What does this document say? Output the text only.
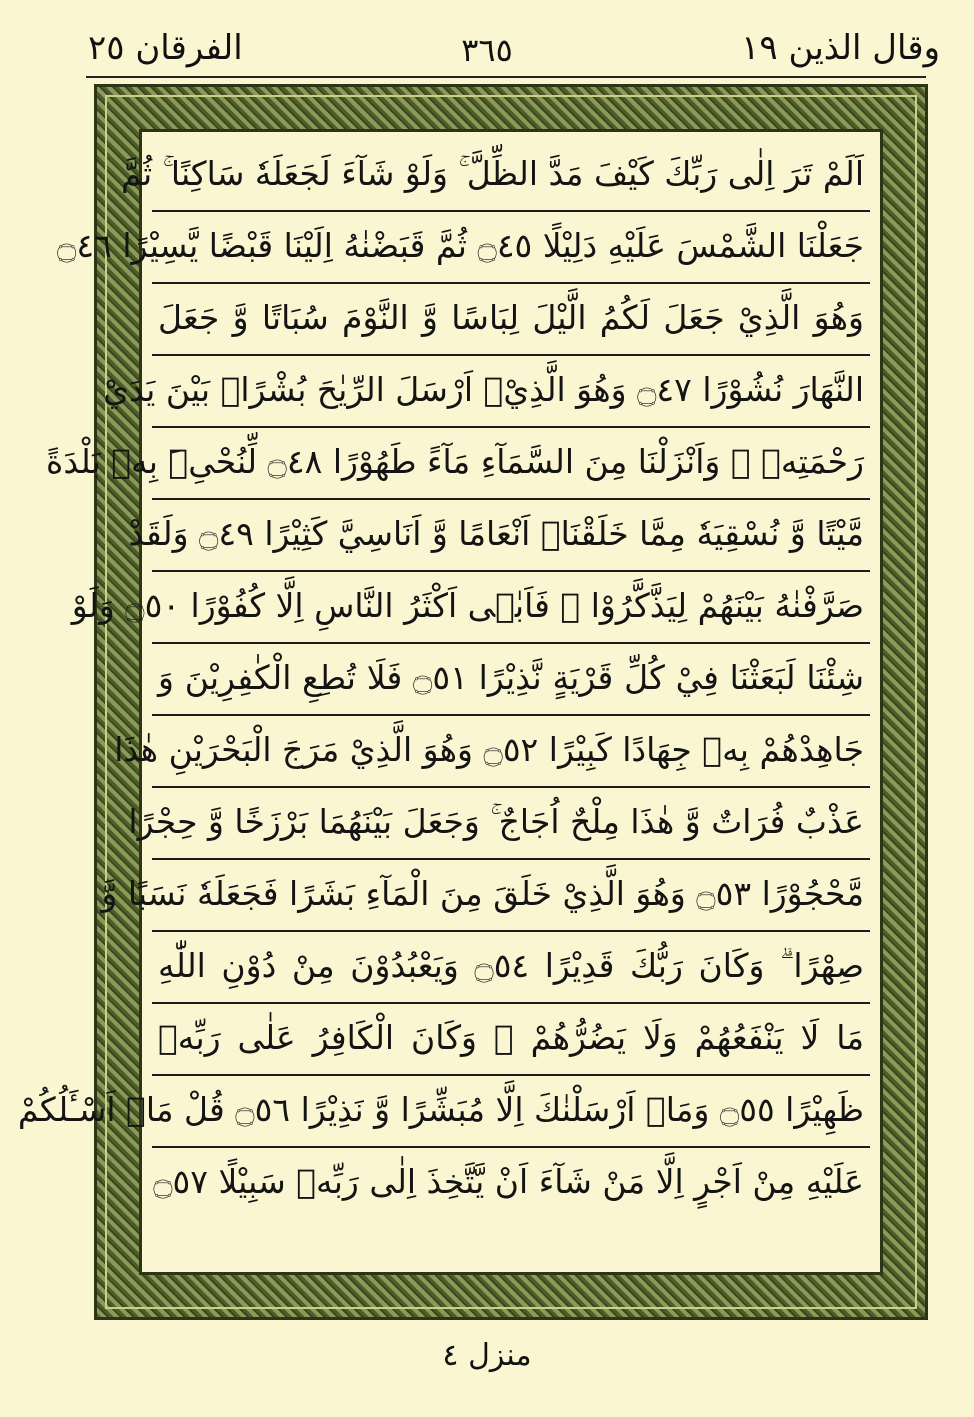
وقال الذين ١٩
٣٦٥
الفرقان ٢٥
اَلَمْ تَرَ اِلٰى رَبِّكَ كَيْفَ مَدَّ الظِّلَّ ۚ وَلَوْ شَآءَ لَجَعَلَهٗ سَاكِنًا ۚ ثُمَّ
جَعَلْنَا الشَّمْسَ عَلَيْهِ دَلِيْلًا ۝٤٥ ثُمَّ قَبَضْنٰهُ اِلَيْنَا قَبْضًا يَّسِيْرًا ۝٤٦
وَهُوَ الَّذِيْ جَعَلَ لَكُمُ الَّيْلَ لِبَاسًا وَّ النَّوْمَ سُبَاتًا وَّ جَعَلَ
النَّهَارَ نُشُوْرًا ۝٤٧ وَهُوَ الَّذِيْۤ اَرْسَلَ الرِّيٰحَ بُشْرًاۢ بَيْنَ يَدَيْ
رَحْمَتِهٖ ۚ وَاَنْزَلْنَا مِنَ السَّمَآءِ مَآءً طَهُوْرًا ۝٤٨ لِّنُحْیِۦَ بِهٖ بَلْدَةً
مَّيْتًا وَّ نُسْقِيَهٗ مِمَّا خَلَقْنَاۤ اَنْعَامًا وَّ اَنَاسِيَّ كَثِيْرًا ۝٤٩ وَلَقَدْ
صَرَّفْنٰهُ بَيْنَهُمْ لِيَذَّكَّرُوْا ۖ فَاَبٰۤى اَكْثَرُ النَّاسِ اِلَّا كُفُوْرًا ۝٥٠ وَلَوْ
شِئْنَا لَبَعَثْنَا فِيْ كُلِّ قَرْيَةٍ نَّذِيْرًا ۝٥١ فَلَا تُطِعِ الْكٰفِرِيْنَ وَ
جَاهِدْهُمْ بِهٖ جِهَادًا كَبِيْرًا ۝٥٢ وَهُوَ الَّذِيْ مَرَجَ الْبَحْرَيْنِ هٰذَا
عَذْبٌ فُرَاتٌ وَّ هٰذَا مِلْحٌ اُجَاجٌ ۚ وَجَعَلَ بَيْنَهُمَا بَرْزَخًا وَّ حِجْرًا
مَّحْجُوْرًا ۝٥٣ وَهُوَ الَّذِيْ خَلَقَ مِنَ الْمَآءِ بَشَرًا فَجَعَلَهٗ نَسَبًا وَّ
صِهْرًا ۗ وَكَانَ رَبُّكَ قَدِيْرًا ۝٥٤ وَيَعْبُدُوْنَ مِنْ دُوْنِ اللّٰهِ
مَا لَا يَنْفَعُهُمْ وَلَا يَضُرُّهُمْ ۗ وَكَانَ الْكَافِرُ عَلٰى رَبِّهٖ
ظَهِيْرًا ۝٥٥ وَمَاۤ اَرْسَلْنٰكَ اِلَّا مُبَشِّرًا وَّ نَذِيْرًا ۝٥٦ قُلْ مَاۤ اَسْـَٔلُكُمْ
عَلَيْهِ مِنْ اَجْرٍ اِلَّا مَنْ شَآءَ اَنْ يَّتَّخِذَ اِلٰى رَبِّهٖ سَبِيْلًا ۝٥٧
منزل ٤
